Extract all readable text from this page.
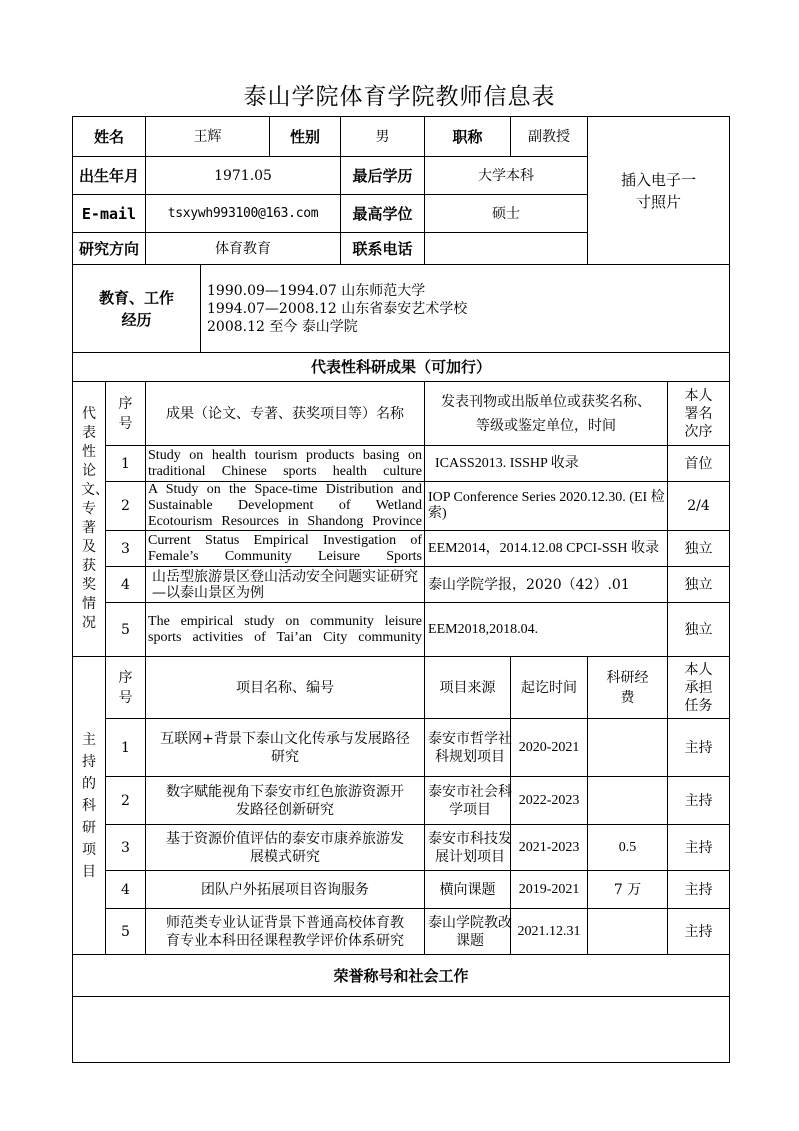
泰山学院体育学院教师信息表
姓名		王辉		性别	男	职称	副教授	插入电子一寸照片	

出生年月		1971.05			最后学历	大学本科			
E-mail		tsxywh993100@163.com			最高学位	硕士			
研究方向		体育教育			联系电话				

教育、工作经历			1990.09—1994.07 山东师范大学
1994.07—2008.12 山东省泰安艺术学校
2008.12 至今 泰山学院						

代表性科研成果（可加行）									

代表性论文、专著及获奖情况	序号	成果（论文、专著、获奖项目等）名称				发表刊物或出版单位或获奖名称、等级或鉴定单位，时间			本人署名次序

	1	Study on health tourism products basing on traditional Chinese sports health culture				ICASS2013. ISSHP 收录			首位
	2	A Study on the Space-time Distribution and Sustainable Development of Wetland Ecotourism Resources in Shandong Province				IOP Conference Series 2020.12.30. (EI 检索)			2/4
	3	Current Status Empirical Investigation of Female’s Community Leisure Sports				EEM2014，2014.12.08 CPCI-SSH 收录			独立
	4	山岳型旅游景区登山活动安全问题实证研究—以泰山景区为例				泰山学院学报，2020（42）.01			独立
	5	The empirical study on community leisure sports activities of Tai’an City community				EEM2018,2018.04.			独立

主持的科研项目	序号	项目名称、编号				项目来源	起讫时间	科研经费	本人承担任务

	1	互联网+背景下泰山文化传承与发展路径研究				泰安市哲学社科规划项目	2020-2021		主持
	2	数字赋能视角下泰安市红色旅游资源开发路径创新研究				泰安市社会科学项目	2022-2023		主持
	3	基于资源价值评估的泰安市康养旅游发展模式研究				泰安市科技发展计划项目	2021-2023	0.5	主持
	4	团队户外拓展项目咨询服务				横向课题	2019-2021	7 万	主持
	5	师范类专业认证背景下普通高校体育教育专业本科田径课程教学评价体系研究				泰山学院教改课题	2021.12.31		主持
荣誉称号和社会工作									
